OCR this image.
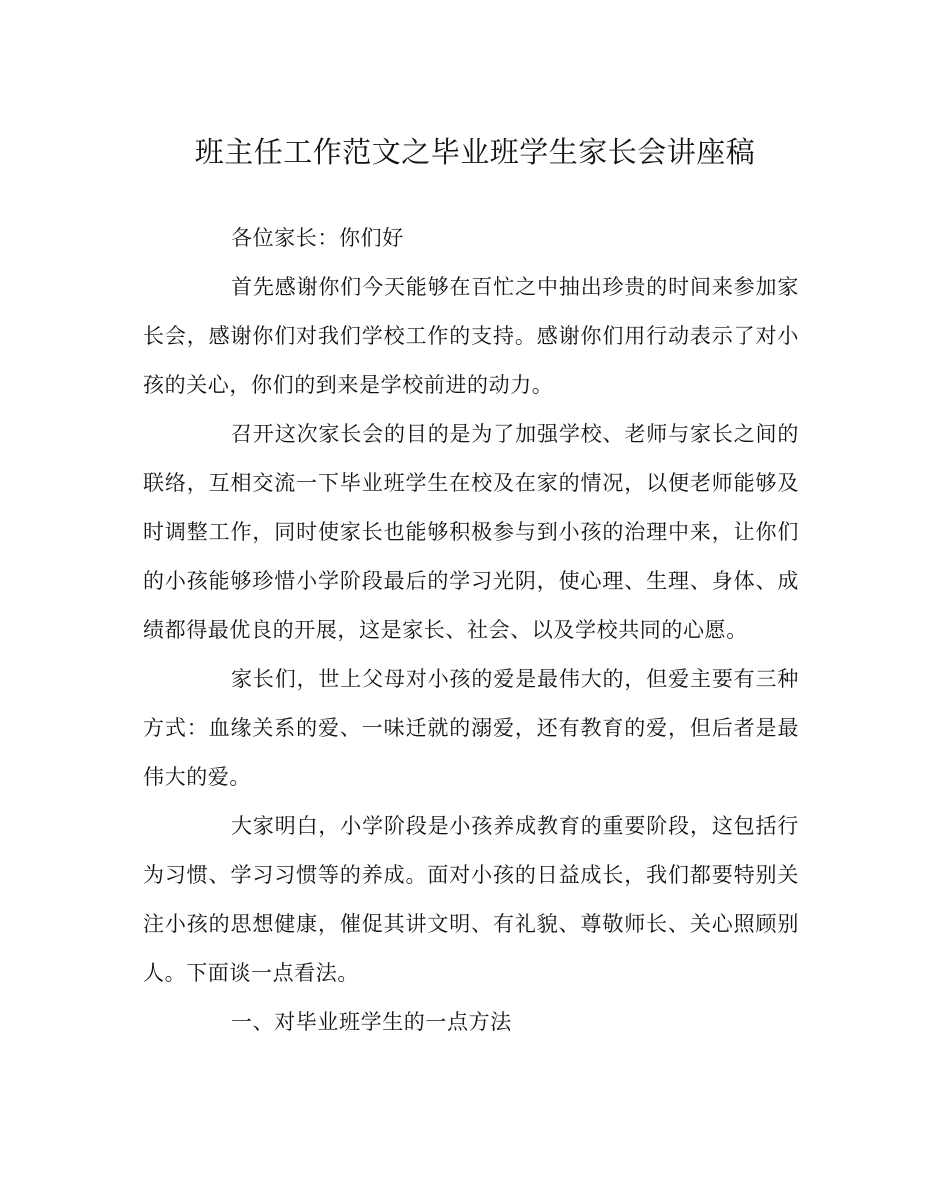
班主任工作范文之毕业班学生家长会讲座稿

各位家长：你们好

首先感谢你们今天能够在百忙之中抽出珍贵的时间来参加家长会，感谢你们对我们学校工作的支持。感谢你们用行动表示了对小孩的关心，你们的到来是学校前进的动力。

召开这次家长会的目的是为了加强学校、老师与家长之间的联络，互相交流一下毕业班学生在校及在家的情况，以便老师能够及时调整工作，同时使家长也能够积极参与到小孩的治理中来，让你们的小孩能够珍惜小学阶段最后的学习光阴，使心理、生理、身体、成绩都得最优良的开展，这是家长、社会、以及学校共同的心愿。

家长们，世上父母对小孩的爱是最伟大的，但爱主要有三种方式：血缘关系的爱、一味迁就的溺爱，还有教育的爱，但后者是最伟大的爱。

大家明白，小学阶段是小孩养成教育的重要阶段，这包括行为习惯、学习习惯等的养成。面对小孩的日益成长，我们都要特别关注小孩的思想健康，催促其讲文明、有礼貌、尊敬师长、关心照顾别人。下面谈一点看法。

一、对毕业班学生的一点方法
